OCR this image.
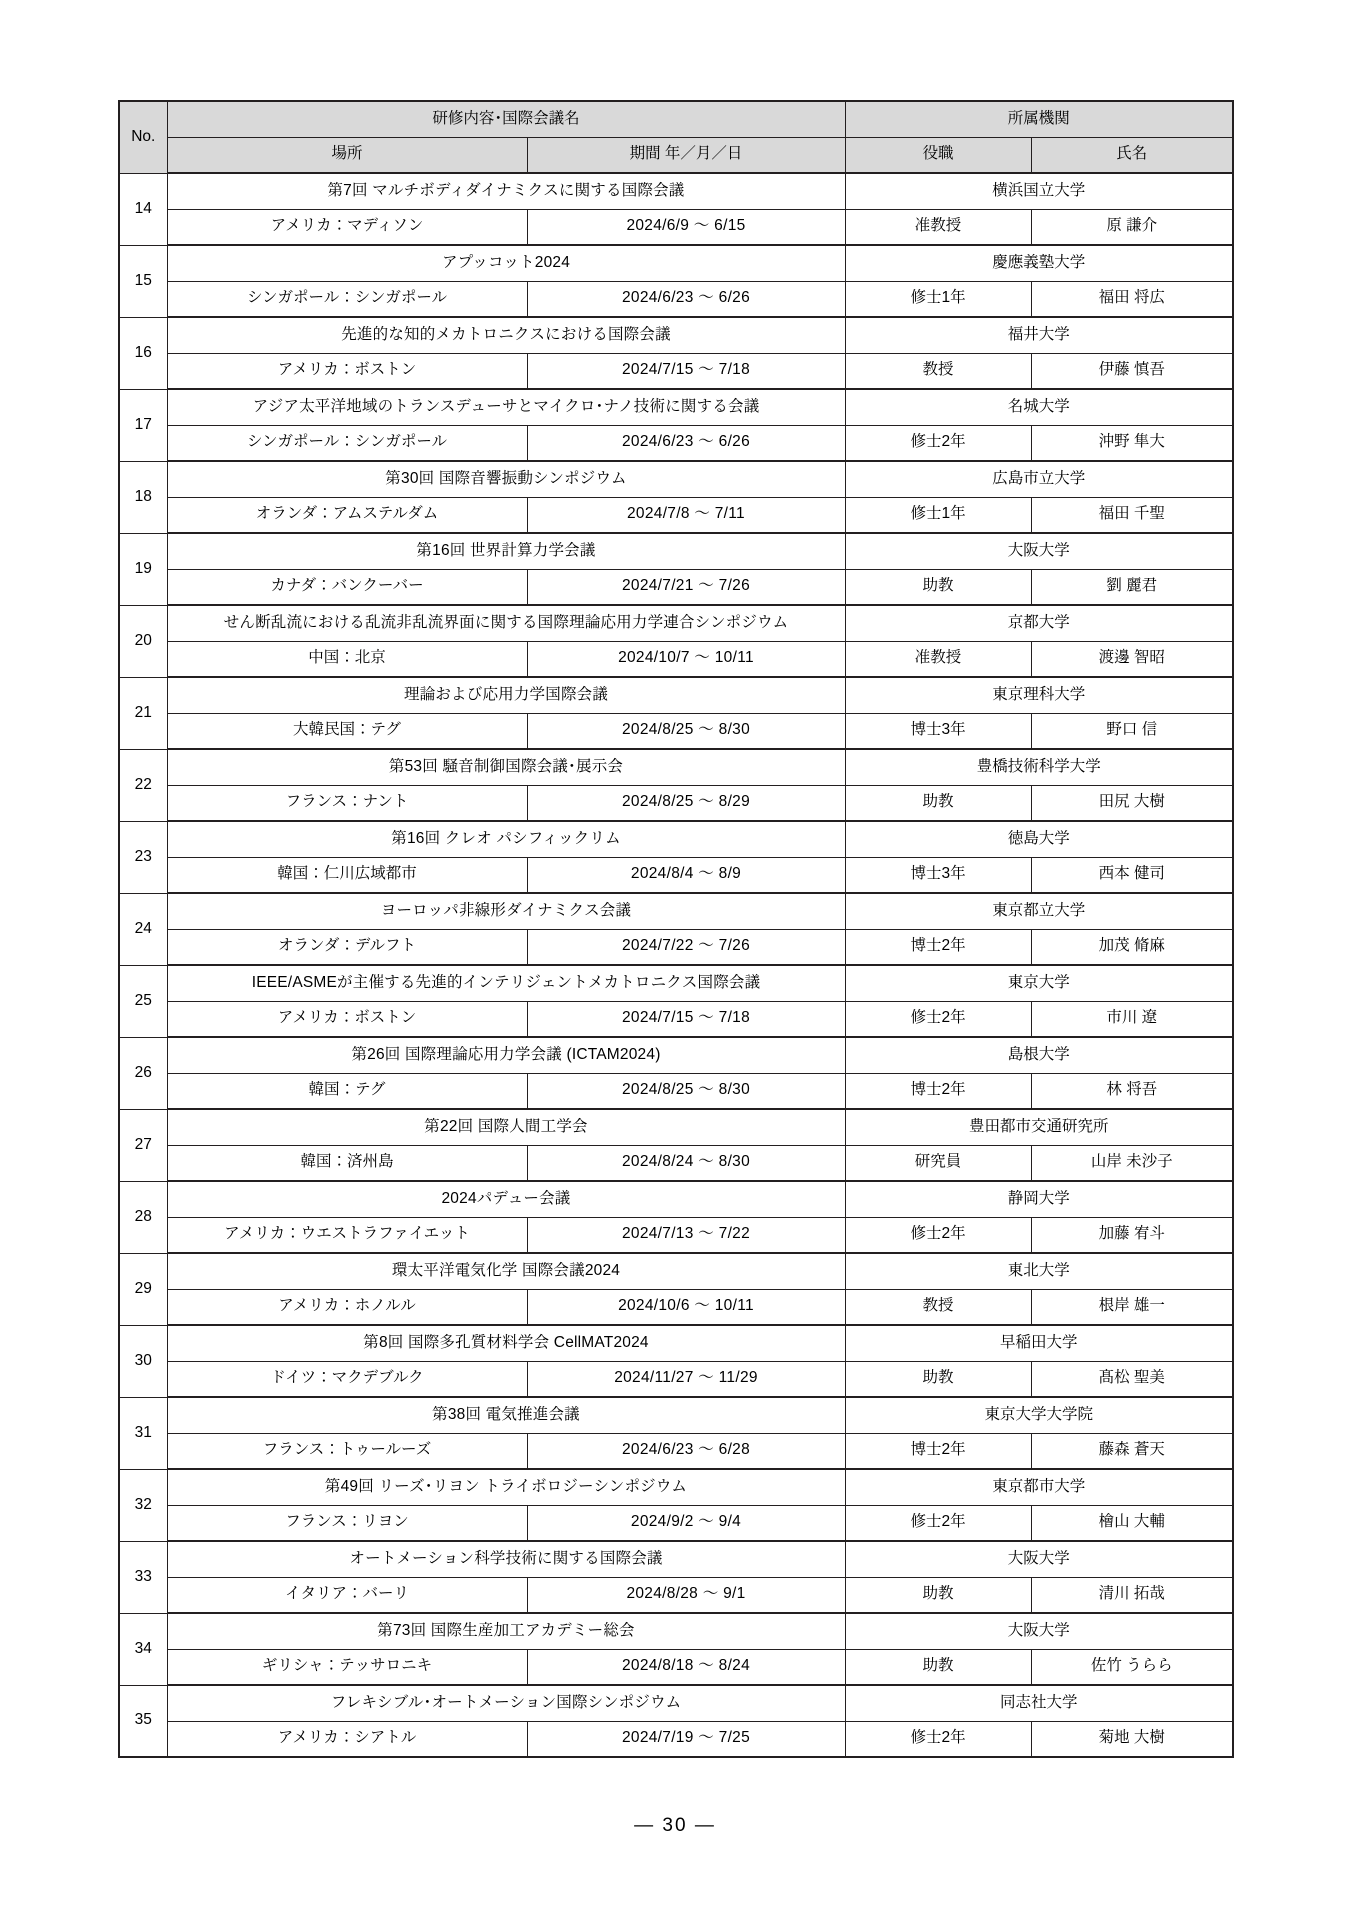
No.	研修内容･国際会議名		所属機関	
	場所	期間 年／月／日	役職	氏名
14	第7回 マルチボディダイナミクスに関する国際会議		横浜国立大学	
	アメリカ：マディソン	2024/6/9 ～ 6/15	准教授	原 謙介
15	アプッコット2024		慶應義塾大学	
	シンガポール：シンガポール	2024/6/23 ～ 6/26	修士1年	福田 将広
16	先進的な知的メカトロニクスにおける国際会議		福井大学	
	アメリカ：ボストン	2024/7/15 ～ 7/18	教授	伊藤 慎吾
17	アジア太平洋地域のトランスデューサとマイクロ･ナノ技術に関する会議		名城大学	
	シンガポール：シンガポール	2024/6/23 ～ 6/26	修士2年	沖野 隼大
18	第30回 国際音響振動シンポジウム		広島市立大学	
	オランダ：アムステルダム	2024/7/8 ～ 7/11	修士1年	福田 千聖
19	第16回 世界計算力学会議		大阪大学	
	カナダ：バンクーバー	2024/7/21 ～ 7/26	助教	劉 麗君
20	せん断乱流における乱流非乱流界面に関する国際理論応用力学連合シンポジウム		京都大学	
	中国：北京	2024/10/7 ～ 10/11	准教授	渡邊 智昭
21	理論および応用力学国際会議		東京理科大学	
	大韓民国：テグ	2024/8/25 ～ 8/30	博士3年	野口 信
22	第53回 騒音制御国際会議･展示会		豊橋技術科学大学	
	フランス：ナント	2024/8/25 ～ 8/29	助教	田尻 大樹
23	第16回 クレオ パシフィックリム		徳島大学	
	韓国：仁川広域都市	2024/8/4 ～ 8/9	博士3年	西本 健司
24	ヨーロッパ非線形ダイナミクス会議		東京都立大学	
	オランダ：デルフト	2024/7/22 ～ 7/26	博士2年	加茂 脩麻
25	IEEE/ASMEが主催する先進的インテリジェントメカトロニクス国際会議		東京大学	
	アメリカ：ボストン	2024/7/15 ～ 7/18	修士2年	市川 遼
26	第26回 国際理論応用力学会議 (ICTAM2024)		島根大学	
	韓国：テグ	2024/8/25 ～ 8/30	博士2年	林 将吾
27	第22回 国際人間工学会		豊田都市交通研究所	
	韓国：済州島	2024/8/24 ～ 8/30	研究員	山岸 未沙子
28	2024パデュー会議		静岡大学	
	アメリカ：ウエストラファイエット	2024/7/13 ～ 7/22	修士2年	加藤 宥斗
29	環太平洋電気化学 国際会議2024		東北大学	
	アメリカ：ホノルル	2024/10/6 ～ 10/11	教授	根岸 雄一
30	第8回 国際多孔質材料学会 CellMAT2024		早稲田大学	
	ドイツ：マクデブルク	2024/11/27 ～ 11/29	助教	髙松 聖美
31	第38回 電気推進会議		東京大学大学院	
	フランス：トゥールーズ	2024/6/23 ～ 6/28	博士2年	藤森 蒼天
32	第49回 リーズ･リヨン トライボロジーシンポジウム		東京都市大学	
	フランス：リヨン	2024/9/2 ～ 9/4	修士2年	檜山 大輔
33	オートメーション科学技術に関する国際会議		大阪大学	
	イタリア：バーリ	2024/8/28 ～ 9/1	助教	清川 拓哉
34	第73回 国際生産加工アカデミー総会		大阪大学	
	ギリシャ：テッサロニキ	2024/8/18 ～ 8/24	助教	佐竹 うらら
35	フレキシブル･オートメーション国際シンポジウム		同志社大学	
	アメリカ：シアトル	2024/7/19 ～ 7/25	修士2年	菊地 大樹
— 30 —
